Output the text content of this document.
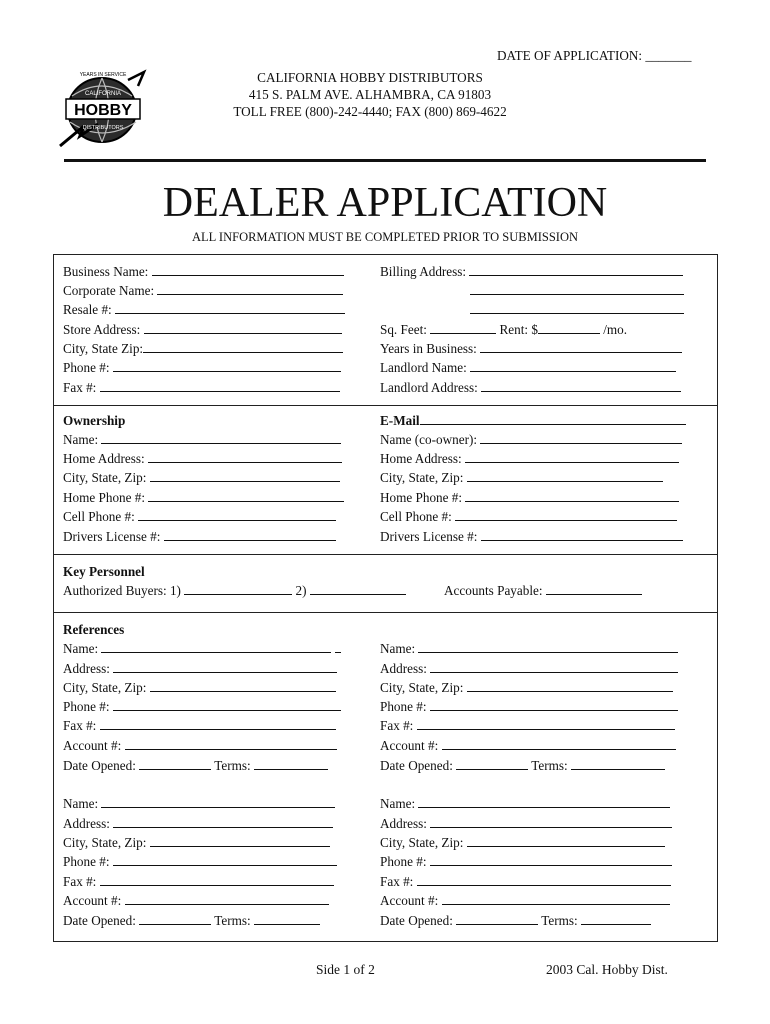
DATE OF APPLICATION: _______
HOBBY
CALIFORNIA
DISTRIBUTORS
YEARS IN SERVICE	CALIFORNIA HOBBY DISTRIBUTORS
415 S. PALM AVE. ALHAMBRA, CA 91803
TOLL FREE (800)-242-4440; FAX (800) 869-4622
DEALER APPLICATION
ALL INFORMATION MUST BE COMPLETED PRIOR TO SUBMISSION
Business Name:
Corporate Name:
Resale #:
Store Address:
City, State Zip:
Phone #:
Fax #:
Billing Address:
Sq. Feet:	Rent: $	/mo.
Years in Business:
Landlord Name:
Landlord Address:
Ownership	E-Mail
Name:
Home Address:
City, State, Zip:
Home Phone #:
Cell Phone #:
Drivers License #:
Name (co-owner):
Home Address:
City, State, Zip:
Home Phone #:
Cell Phone #:
Drivers License #:
Key Personnel
Authorized Buyers: 1)	2)	Accounts Payable:
References
Name:
Address:
City, State, Zip:
Phone #:
Fax #:
Account #:
Date Opened:	Terms:
Name:
Address:
City, State, Zip:
Phone #:
Fax #:
Account #:
Date Opened:	Terms:
Name:
Address:
City, State, Zip:
Phone #:
Fax #:
Account #:
Date Opened:	Terms:
Name:
Address:
City, State, Zip:
Phone #:
Fax #:
Account #:
Date Opened:	Terms:
Side 1 of 2	2003 Cal. Hobby Dist.
